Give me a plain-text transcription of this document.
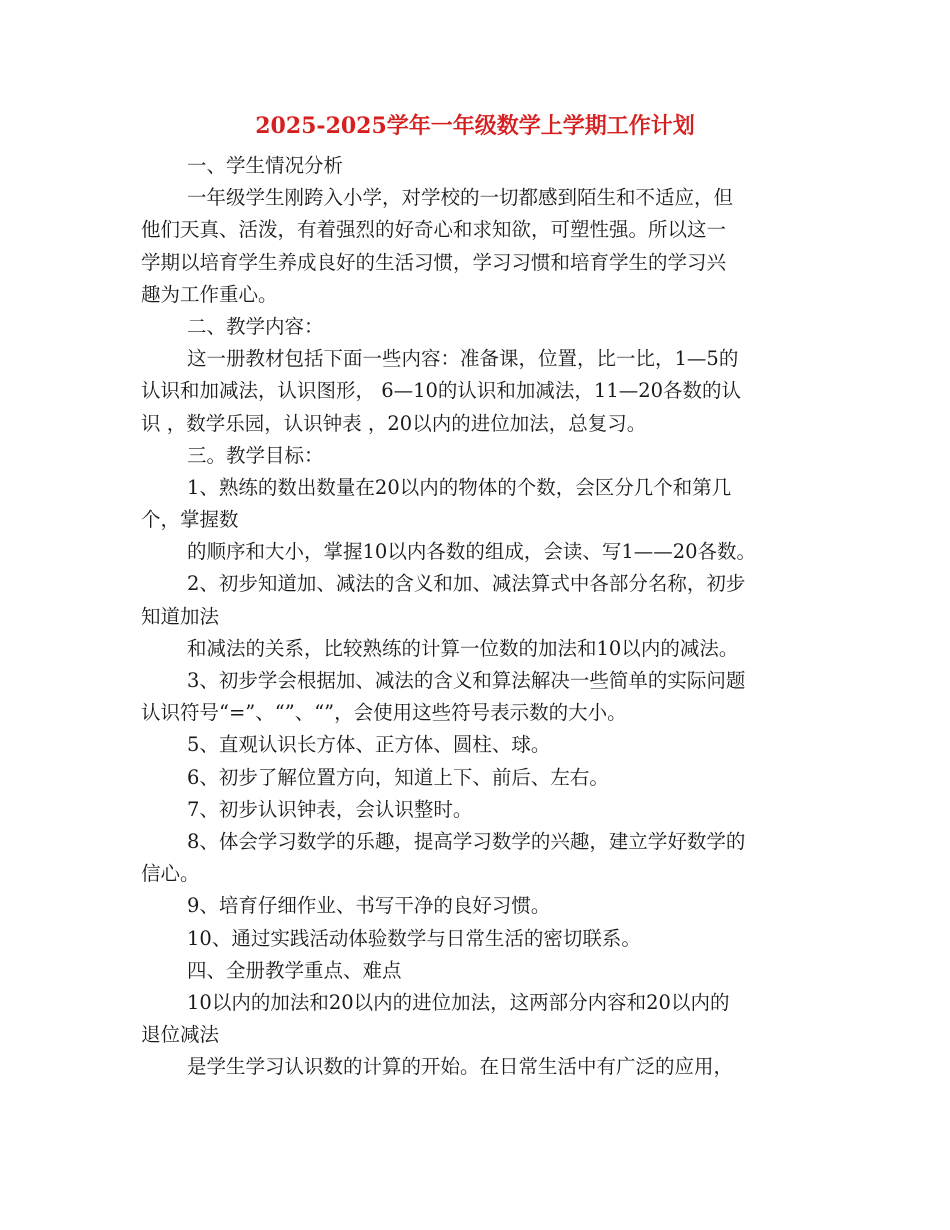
2025-2025学年一年级数学上学期工作计划
一、学生情况分析
一年级学生刚跨入小学，对学校的一切都感到陌生和不适应，但
他们天真、活泼，有着强烈的好奇心和求知欲，可塑性强。所以这一
学期以培育学生养成良好的生活习惯，学习习惯和培育学生的学习兴
趣为工作重心。
二、教学内容：
这一册教材包括下面一些内容：准备课，位置，比一比，1—5的
认识和加减法，认识图形， 6—10的认识和加减法，11—20各数的认
识 ，数学乐园，认识钟表 ，20以内的进位加法，总复习。
三。教学目标：
1、熟练的数出数量在20以内的物体的个数，会区分几个和第几
个，掌握数
的顺序和大小，掌握10以内各数的组成，会读、写1——20各数。
2、初步知道加、减法的含义和加、减法算式中各部分名称，初步
知道加法
和减法的关系，比较熟练的计算一位数的加法和10以内的减法。
3、初步学会根据加、减法的含义和算法解决一些简单的实际问题
认识符号“=”、“”、“”，会使用这些符号表示数的大小。
5、直观认识长方体、正方体、圆柱、球。
6、初步了解位置方向，知道上下、前后、左右。
7、初步认识钟表，会认识整时。
8、体会学习数学的乐趣，提高学习数学的兴趣，建立学好数学的
信心。
9、培育仔细作业、书写干净的良好习惯。
10、通过实践活动体验数学与日常生活的密切联系。
四、全册教学重点、难点
10以内的加法和20以内的进位加法，这两部分内容和20以内的
退位减法
是学生学习认识数的计算的开始。在日常生活中有广泛的应用，
